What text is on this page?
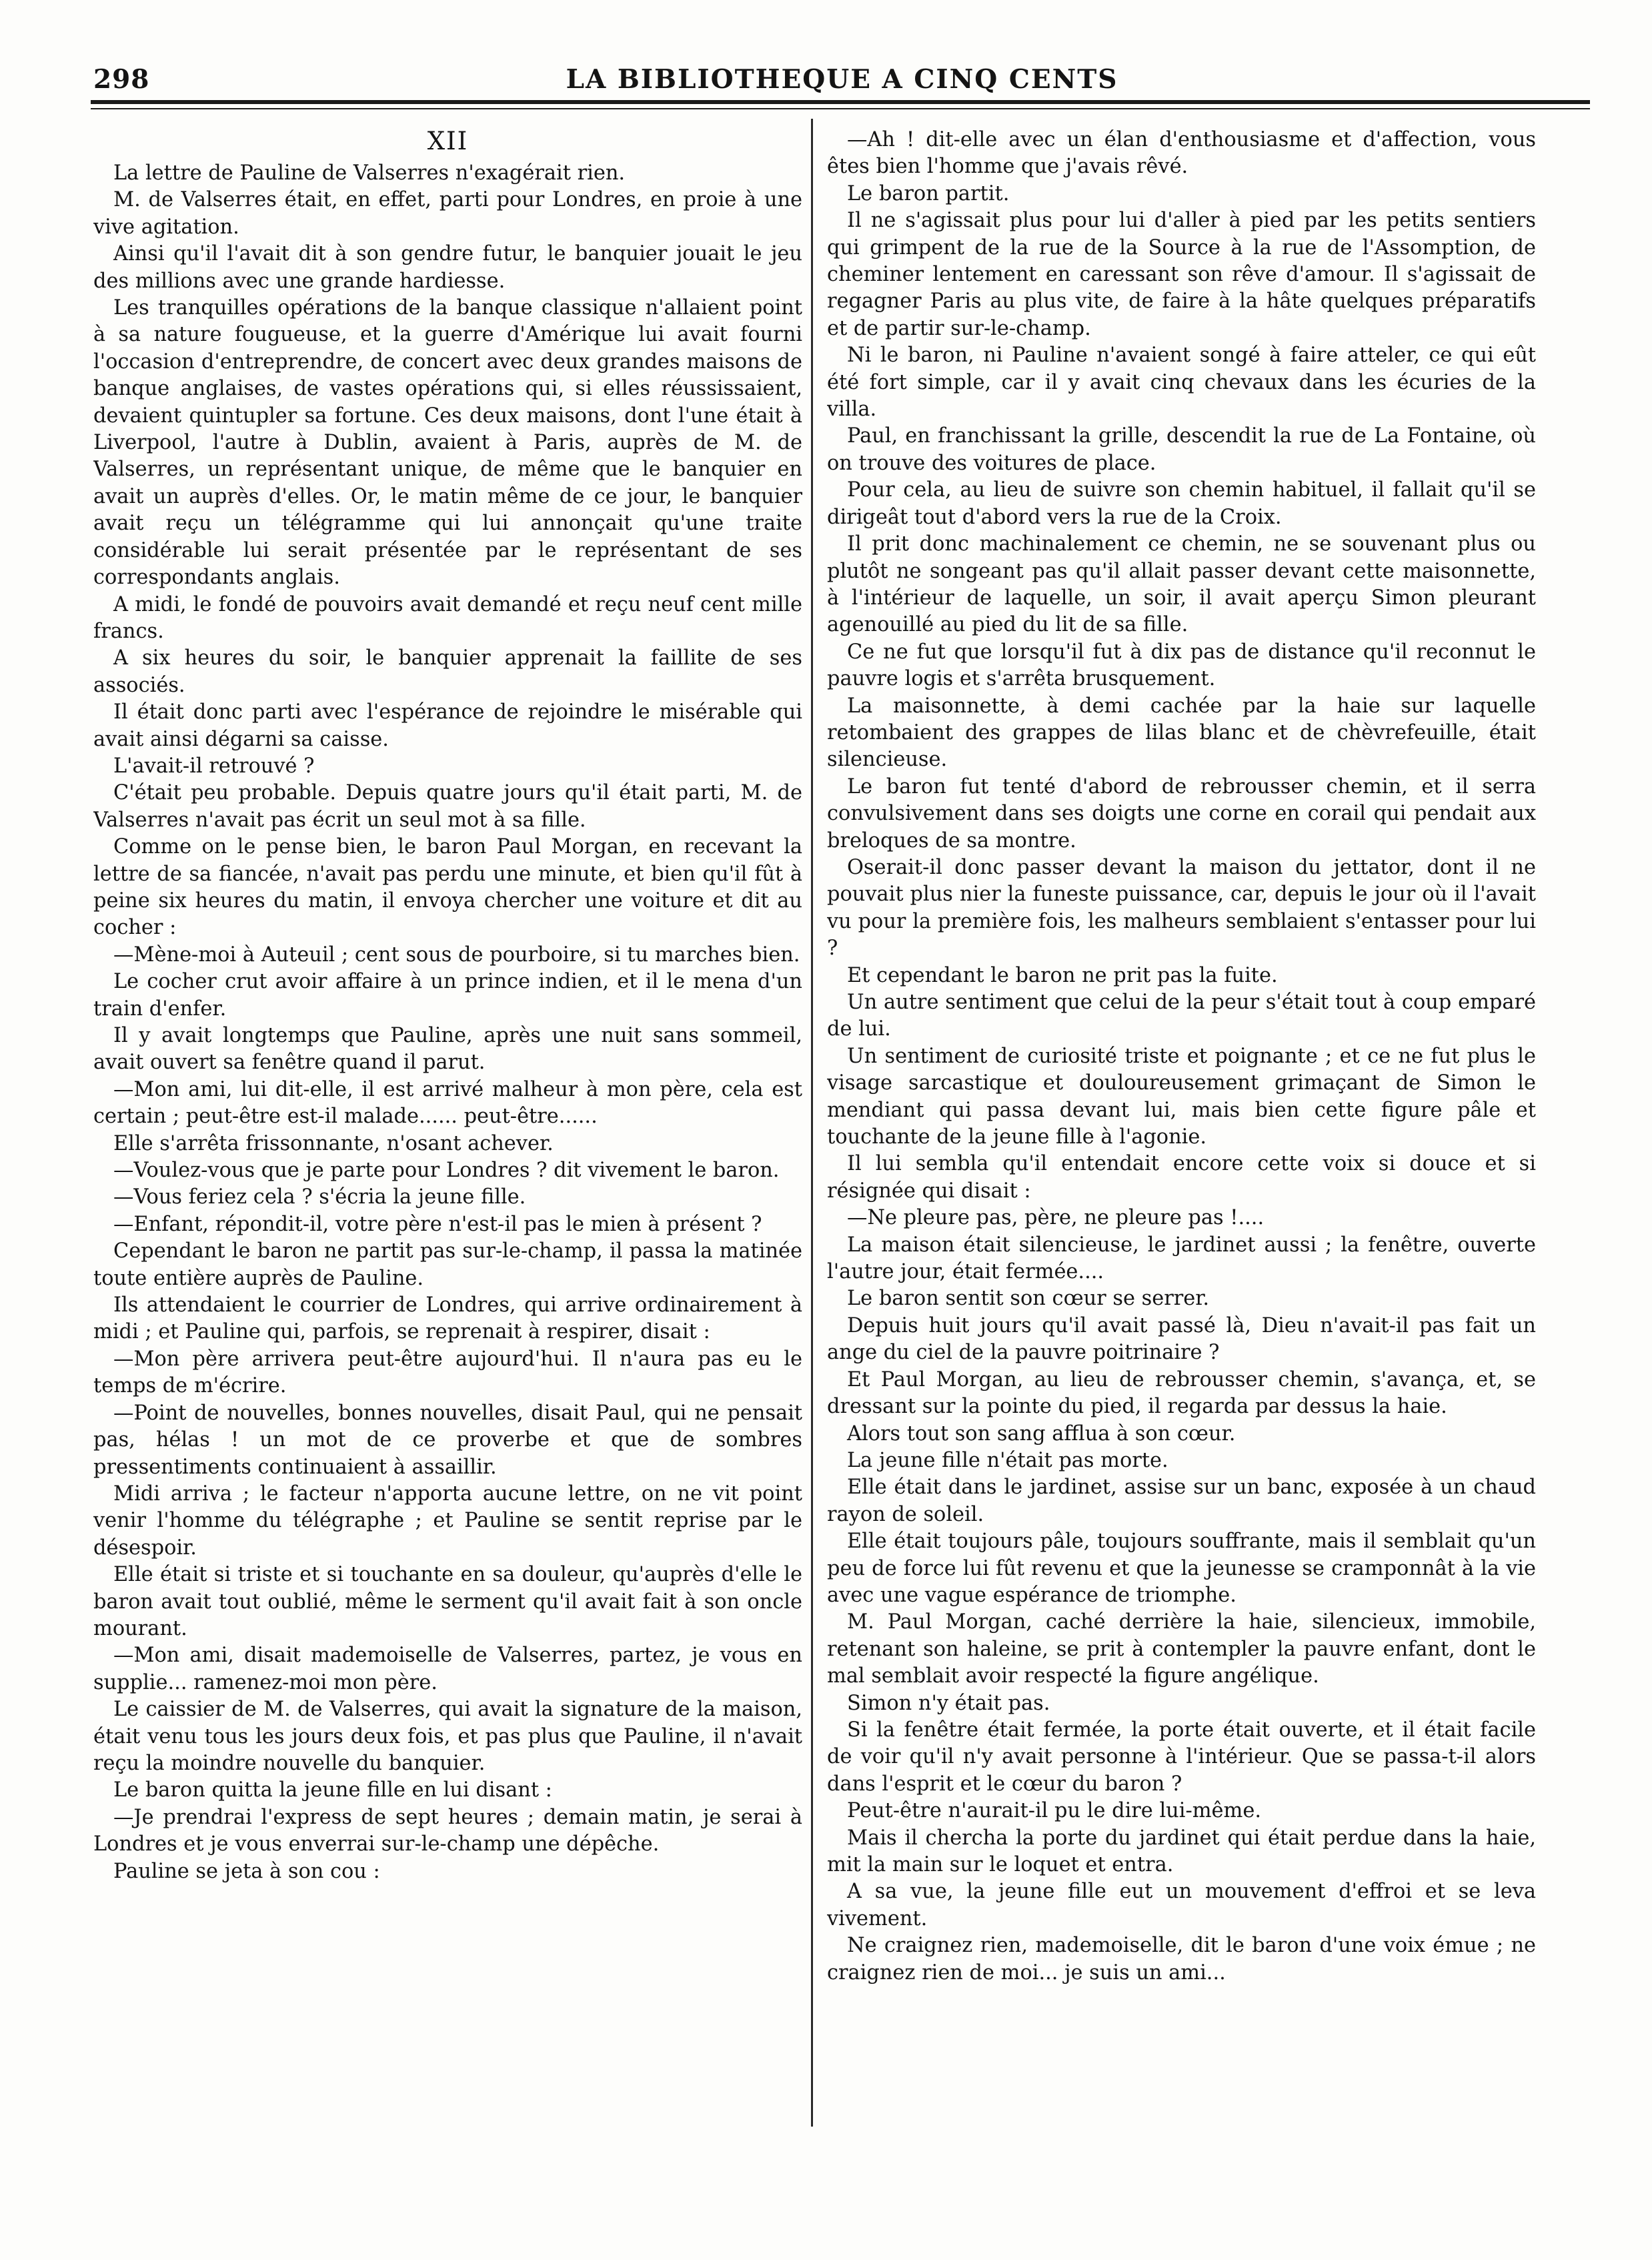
298	LA BIBLIOTHEQUE A CINQ CENTS
XII

La lettre de Pauline de Valserres n'exagérait rien.

M. de Valserres était, en effet, parti pour Londres, en proie à une vive agitation.

Ainsi qu'il l'avait dit à son gendre futur, le banquier jouait le jeu des millions avec une grande hardiesse.

Les tranquilles opérations de la banque classique n'allaient point à sa nature fougueuse, et la guerre d'Amérique lui avait fourni l'occasion d'entreprendre, de concert avec deux grandes maisons de banque anglaises, de vastes opérations qui, si elles réussissaient, devaient quintupler sa fortune. Ces deux maisons, dont l'une était à Liverpool, l'autre à Dublin, avaient à Paris, auprès de M. de Valserres, un représentant unique, de même que le banquier en avait un auprès d'elles. Or, le matin même de ce jour, le banquier avait reçu un télégramme qui lui annonçait qu'une traite considérable lui serait présentée par le représentant de ses correspondants anglais.

A midi, le fondé de pouvoirs avait demandé et reçu neuf cent mille francs.

A six heures du soir, le banquier apprenait la faillite de ses associés.

Il était donc parti avec l'espérance de rejoindre le misérable qui avait ainsi dégarni sa caisse.

L'avait-il retrouvé ?

C'était peu probable. Depuis quatre jours qu'il était parti, M. de Valserres n'avait pas écrit un seul mot à sa fille.

Comme on le pense bien, le baron Paul Morgan, en recevant la lettre de sa fiancée, n'avait pas perdu une minute, et bien qu'il fût à peine six heures du matin, il envoya chercher une voiture et dit au cocher :

—Mène-moi à Auteuil ; cent sous de pourboire, si tu marches bien.

Le cocher crut avoir affaire à un prince indien, et il le mena d'un train d'enfer.

Il y avait longtemps que Pauline, après une nuit sans sommeil, avait ouvert sa fenêtre quand il parut.

—Mon ami, lui dit-elle, il est arrivé malheur à mon père, cela est certain ; peut-être est-il malade...... peut-être......

Elle s'arrêta frissonnante, n'osant achever.

—Voulez-vous que je parte pour Londres ? dit vivement le baron.

—Vous feriez cela ? s'écria la jeune fille.

—Enfant, répondit-il, votre père n'est-il pas le mien à présent ?

Cependant le baron ne partit pas sur-le-champ, il passa la matinée toute entière auprès de Pauline.

Ils attendaient le courrier de Londres, qui arrive ordinairement à midi ; et Pauline qui, parfois, se reprenait à respirer, disait :

—Mon père arrivera peut-être aujourd'hui. Il n'aura pas eu le temps de m'écrire.

—Point de nouvelles, bonnes nouvelles, disait Paul, qui ne pensait pas, hélas ! un mot de ce proverbe et que de sombres pressentiments continuaient à assaillir.

Midi arriva ; le facteur n'apporta aucune lettre, on ne vit point venir l'homme du télégraphe ; et Pauline se sentit reprise par le désespoir.

Elle était si triste et si touchante en sa douleur, qu'auprès d'elle le baron avait tout oublié, même le serment qu'il avait fait à son oncle mourant.

—Mon ami, disait mademoiselle de Valserres, partez, je vous en supplie... ramenez-moi mon père.

Le caissier de M. de Valserres, qui avait la signature de la maison, était venu tous les jours deux fois, et pas plus que Pauline, il n'avait reçu la moindre nouvelle du banquier.

Le baron quitta la jeune fille en lui disant :

—Je prendrai l'express de sept heures ; demain matin, je serai à Londres et je vous enverrai sur-le-champ une dépêche.

Pauline se jeta à son cou :

—Ah ! dit-elle avec un élan d'enthousiasme et d'affection, vous êtes bien l'homme que j'avais rêvé.

Le baron partit.

Il ne s'agissait plus pour lui d'aller à pied par les petits sentiers qui grimpent de la rue de la Source à la rue de l'Assomption, de cheminer lentement en caressant son rêve d'amour. Il s'agissait de regagner Paris au plus vite, de faire à la hâte quelques préparatifs et de partir sur-le-champ.

Ni le baron, ni Pauline n'avaient songé à faire atteler, ce qui eût été fort simple, car il y avait cinq chevaux dans les écuries de la villa.

Paul, en franchissant la grille, descendit la rue de La Fontaine, où on trouve des voitures de place.

Pour cela, au lieu de suivre son chemin habituel, il fallait qu'il se dirigeât tout d'abord vers la rue de la Croix.

Il prit donc machinalement ce chemin, ne se souvenant plus ou plutôt ne songeant pas qu'il allait passer devant cette maisonnette, à l'intérieur de laquelle, un soir, il avait aperçu Simon pleurant agenouillé au pied du lit de sa fille.

Ce ne fut que lorsqu'il fut à dix pas de distance qu'il reconnut le pauvre logis et s'arrêta brusquement.

La maisonnette, à demi cachée par la haie sur laquelle retombaient des grappes de lilas blanc et de chèvrefeuille, était silencieuse.

Le baron fut tenté d'abord de rebrousser chemin, et il serra convulsivement dans ses doigts une corne en corail qui pendait aux breloques de sa montre.

Oserait-il donc passer devant la maison du jettator, dont il ne pouvait plus nier la funeste puissance, car, depuis le jour où il l'avait vu pour la première fois, les malheurs semblaient s'entasser pour lui ?

Et cependant le baron ne prit pas la fuite.

Un autre sentiment que celui de la peur s'était tout à coup emparé de lui.

Un sentiment de curiosité triste et poignante ; et ce ne fut plus le visage sarcastique et douloureusement grimaçant de Simon le mendiant qui passa devant lui, mais bien cette figure pâle et touchante de la jeune fille à l'agonie.

Il lui sembla qu'il entendait encore cette voix si douce et si résignée qui disait :

—Ne pleure pas, père, ne pleure pas !....

La maison était silencieuse, le jardinet aussi ; la fenêtre, ouverte l'autre jour, était fermée....

Le baron sentit son cœur se serrer.

Depuis huit jours qu'il avait passé là, Dieu n'avait-il pas fait un ange du ciel de la pauvre poitrinaire ?

Et Paul Morgan, au lieu de rebrousser chemin, s'avança, et, se dressant sur la pointe du pied, il regarda par dessus la haie.

Alors tout son sang afflua à son cœur.

La jeune fille n'était pas morte.

Elle était dans le jardinet, assise sur un banc, exposée à un chaud rayon de soleil.

Elle était toujours pâle, toujours souffrante, mais il semblait qu'un peu de force lui fût revenu et que la jeunesse se cramponnât à la vie avec une vague espérance de triomphe.

M. Paul Morgan, caché derrière la haie, silencieux, immobile, retenant son haleine, se prit à contempler la pauvre enfant, dont le mal semblait avoir respecté la figure angélique.

Simon n'y était pas.

Si la fenêtre était fermée, la porte était ouverte, et il était facile de voir qu'il n'y avait personne à l'intérieur. Que se passa-t-il alors dans l'esprit et le cœur du baron ?

Peut-être n'aurait-il pu le dire lui-même.

Mais il chercha la porte du jardinet qui était perdue dans la haie, mit la main sur le loquet et entra.

A sa vue, la jeune fille eut un mouvement d'effroi et se leva vivement.

Ne craignez rien, mademoiselle, dit le baron d'une voix émue ; ne craignez rien de moi... je suis un ami...
